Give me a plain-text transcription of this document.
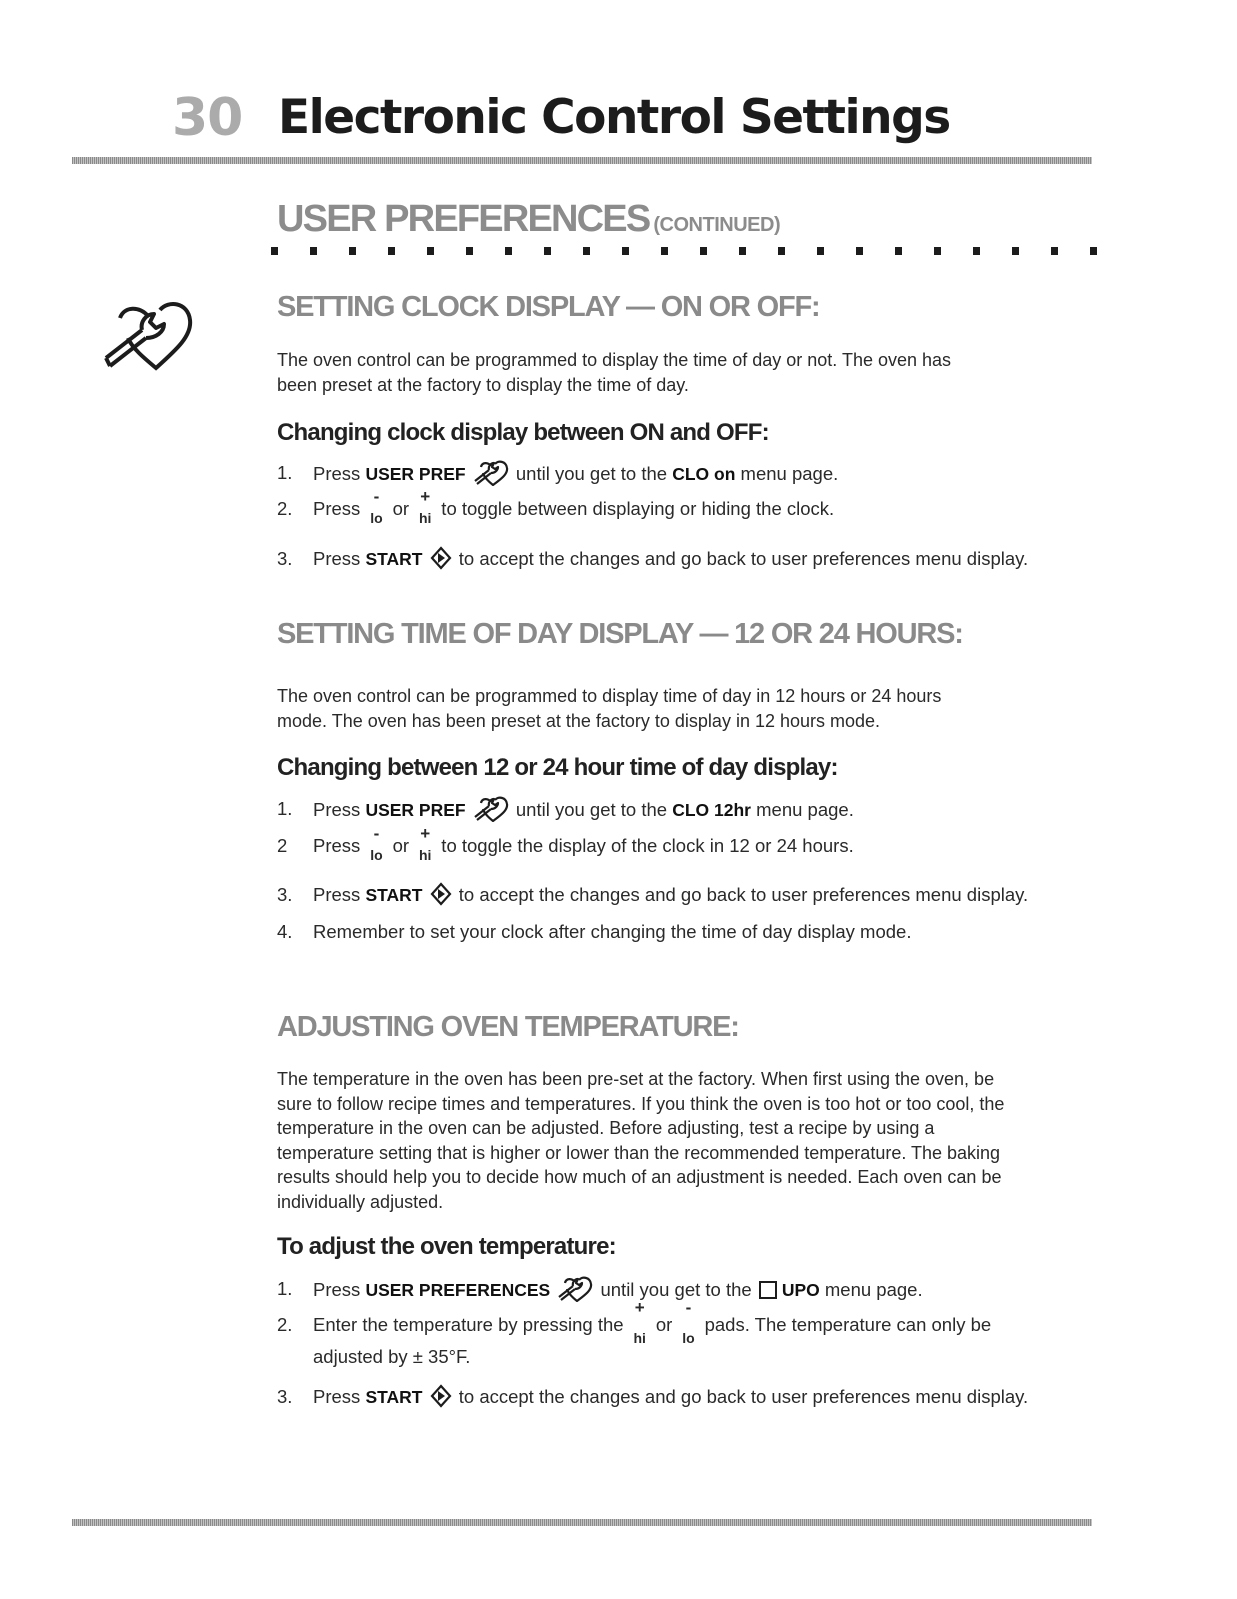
30 Electronic Control Settings
USER PREFERENCES (CONTINUED)
SETTING CLOCK DISPLAY — ON OR OFF:
The oven control can be programmed to display the time of day or not. The oven has
been preset at the factory to display the time of day.
Changing clock display between ON and OFF:
1. Press USER PREF  until you get to the CLO on menu page.
2. Press
-
lo or
+
hi to toggle between displaying or hiding the clock.
3. Press START  to accept the changes and go back to user preferences menu display.
SETTING TIME OF DAY DISPLAY — 12 OR 24 HOURS:
The oven control can be programmed to display time of day in 12 hours or 24 hours
mode. The oven has been preset at the factory to display in 12 hours mode.
Changing between 12 or 24 hour time of day display:
1. Press USER PREF  until you get to the CLO 12hr menu page.
2 Press
-
lo or
+
hi to toggle the display of the clock in 12 or 24 hours.
3. Press START  to accept the changes and go back to user preferences menu display.
4. Remember to set your clock after changing the time of day display mode.
ADJUSTING OVEN TEMPERATURE:
The temperature in the oven has been pre-set at the factory. When first using the oven, be
sure to follow recipe times and temperatures. If you think the oven is too hot or too cool, the
temperature in the oven can be adjusted. Before adjusting, test a recipe by using a
temperature setting that is higher or lower than the recommended temperature. The baking
results should help you to decide how much of an adjustment is needed. Each oven can be
individually adjusted.
To adjust the oven temperature:
1. Press USER PREFERENCES  until you get to the UPO menu page.
2. Enter the temperature by pressing the
+
hi
or
-
lo
pads. The temperature can only be
adjusted by ± 35°F.
3. Press START  to accept the changes and go back to user preferences menu display.
